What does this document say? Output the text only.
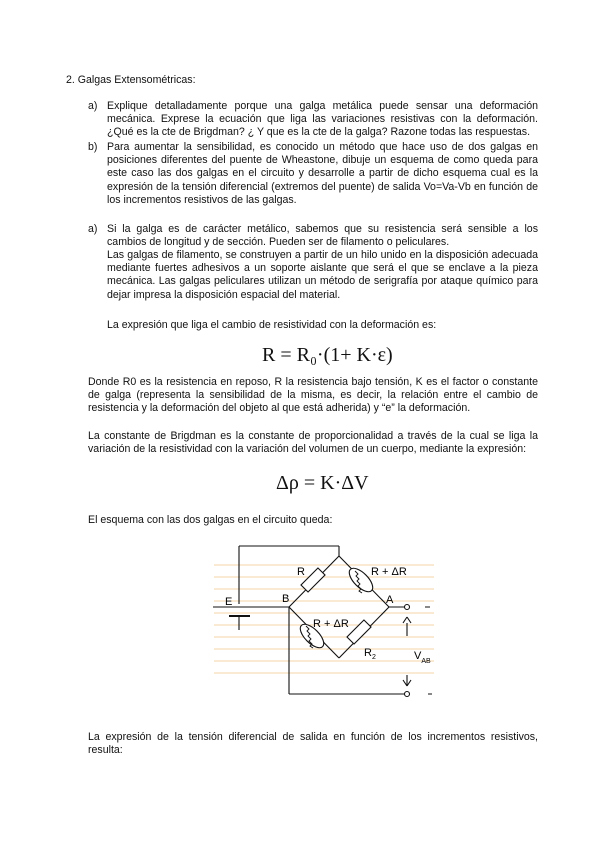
2. Galgas Extensométricas:
a) Explique detalladamente porque una galga metálica puede sensar una deformación mecánica. Exprese la ecuación que liga las variaciones resistivas con la deformación. ¿Qué es la cte de Brigdman? ¿ Y que es la cte de la galga? Razone todas las respuestas.
b) Para aumentar la sensibilidad, es conocido un método que hace uso de dos galgas en posiciones diferentes del puente de Wheastone, dibuje un esquema de como queda para este caso las dos galgas en el circuito y desarrolle a partir de dicho esquema cual es la expresión de la tensión diferencial (extremos del puente) de salida Vo=Va-Vb en función de los incrementos resistivos de las galgas.
a) Si la galga es de carácter metálico, sabemos que su resistencia será sensible a los cambios de longitud y de sección. Pueden ser de filamento o peliculares.
Las galgas de filamento, se construyen a partir de un hilo unido en la disposición adecuada mediante fuertes adhesivos a un soporte aislante que será el que se enclave a la pieza mecánica. Las galgas peliculares utilizan un método de serigrafía por ataque químico para dejar impresa la disposición espacial del material.
La expresión que liga el cambio de resistividad con la deformación es:
R = R₀·(1+ K·ε)
Donde R0 es la resistencia en reposo, R la resistencia bajo tensión, K es el factor o constante de galga (representa la sensibilidad de la misma, es decir, la relación entre el cambio de resistencia y la deformación del objeto al que está adherida) y “e” la deformación.
La constante de Brigdman es la constante de proporcionalidad a través de la cual se liga la variación de la resistividad con la variación del volumen de un cuerpo, mediante la expresión:
Δρ = K·ΔV
El esquema con las dos galgas en el circuito queda:
E	B	A
R	R + ΔR
R + ΔR
$R_2$	$V_{AB}$
La expresión de la tensión diferencial de salida en función de los incrementos resistivos, resulta:
